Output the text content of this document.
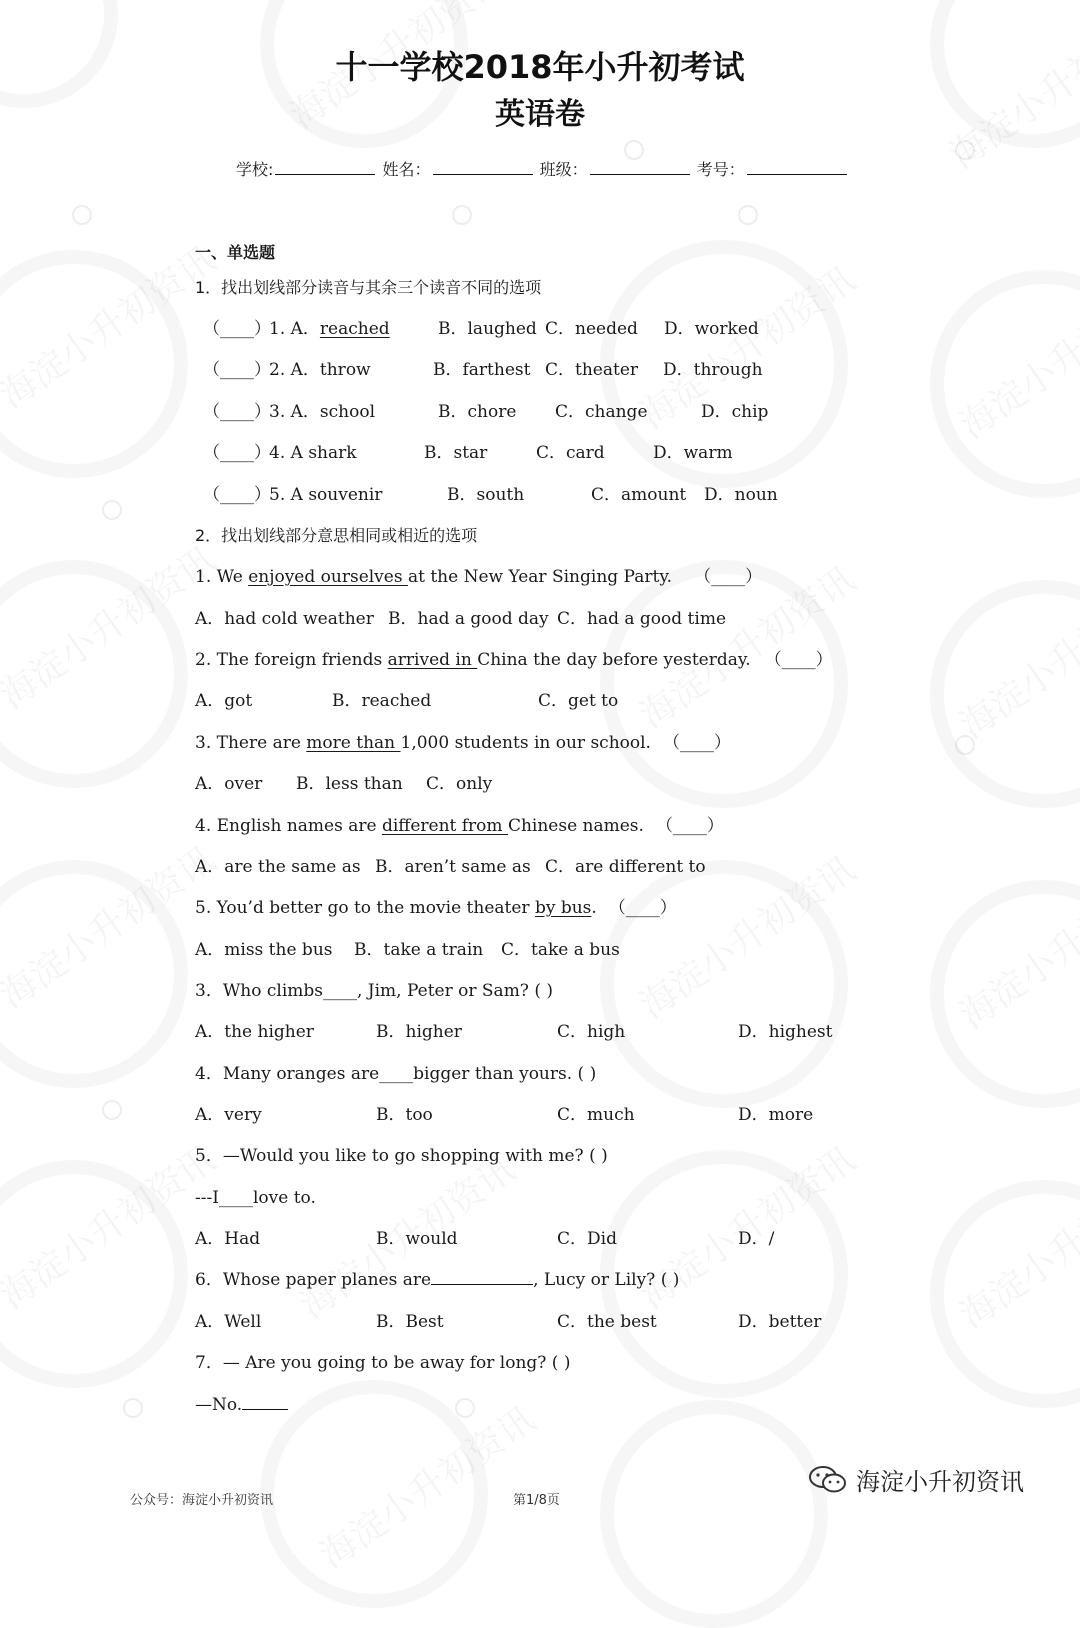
十一学校2018年小升初考试
英语卷
学校:	姓名：	班级：	考号：
一、单选题
1．找出划线部分读音与其余三个读音不同的选项
（____）
1. A．reached	B．laughed C．needed D．worked
（____）
2. A．throw	B．farthest C．theater D．through
（____）
3. A．school	B．chore C．change	D．chip
（____）
4. A shark	B．star	C．card	D．warm
（____）
5. A souvenir	B．south	C．amount D．noun
2．找出划线部分意思相同或相近的选项
1. We enjoyed ourselves at the New Year Singing Party. （____）
A．had cold weather B．had a good day C．had a good time
2. The foreign friends arrived in China the day before yesterday. （____）
A．got	B．reached	C．get to
3. There are more than 1,000 students in our school. （____）
A．over B．less than C．only
4. English names are different from Chinese names. （____）
A．are the same as B．aren’t same as C．are different to
5. You’d better go to the movie theater by bus. （____）
A．miss the bus B．take a train C．take a bus
3．Who climbs____, Jim, Peter or Sam? ( )
A．the higher	B．higher	C．high	D．highest
4．Many oranges are____bigger than yours. ( )
A．very	B．too	C．much	D．more
5．—Would you like to go shopping with me? ( )
---I____love to.
A．Had	B．would	C．Did	D．/
6．Whose paper planes are	, Lucy or Lily? ( )
A．Well	B．Best	C．the best	D．better
7．— Are you going to be away for long? ( )
—No.
公众号：海淀小升初资讯	第1/8页
海淀小升初资讯
